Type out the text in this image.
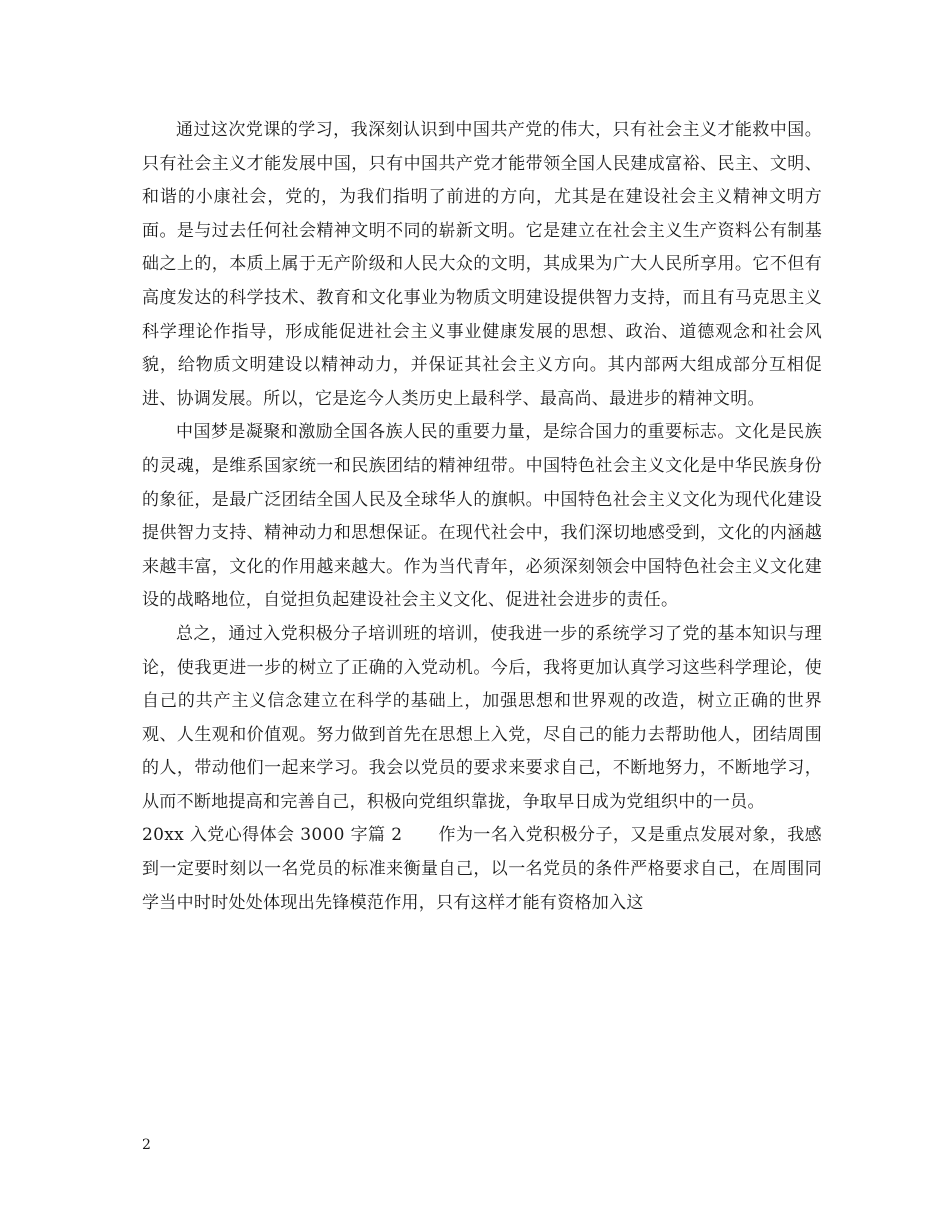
通过这次党课的学习，我深刻认识到中国共产党的伟大，只有社会主义才能救中国。只有社会主义才能发展中国，只有中国共产党才能带领全国人民建成富裕、民主、文明、和谐的小康社会，党的，为我们指明了前进的方向，尤其是在建设社会主义精神文明方面。是与过去任何社会精神文明不同的崭新文明。它是建立在社会主义生产资料公有制基础之上的，本质上属于无产阶级和人民大众的文明，其成果为广大人民所享用。它不但有高度发达的科学技术、教育和文化事业为物质文明建设提供智力支持，而且有马克思主义科学理论作指导，形成能促进社会主义事业健康发展的思想、政治、道德观念和社会风貌，给物质文明建设以精神动力，并保证其社会主义方向。其内部两大组成部分互相促进、协调发展。所以，它是迄今人类历史上最科学、最高尚、最进步的精神文明。

中国梦是凝聚和激励全国各族人民的重要力量，是综合国力的重要标志。文化是民族的灵魂，是维系国家统一和民族团结的精神纽带。中国特色社会主义文化是中华民族身份的象征，是最广泛团结全国人民及全球华人的旗帜。中国特色社会主义文化为现代化建设提供智力支持、精神动力和思想保证。在现代社会中，我们深切地感受到，文化的内涵越来越丰富，文化的作用越来越大。作为当代青年，必须深刻领会中国特色社会主义文化建设的战略地位，自觉担负起建设社会主义文化、促进社会进步的责任。

总之，通过入党积极分子培训班的培训，使我进一步的系统学习了党的基本知识与理论，使我更进一步的树立了正确的入党动机。今后，我将更加认真学习这些科学理论，使自己的共产主义信念建立在科学的基础上，加强思想和世界观的改造，树立正确的世界观、人生观和价值观。努力做到首先在思想上入党，尽自己的能力去帮助他人，团结周围的人，带动他们一起来学习。我会以党员的要求来要求自己，不断地努力，不断地学习，从而不断地提高和完善自己，积极向党组织靠拢，争取早日成为党组织中的一员。

20xx 入党心得体会 3000 字篇 2 作为一名入党积极分子，又是重点发展对象，我感到一定要时刻以一名党员的标准来衡量自己，以一名党员的条件严格要求自己，在周围同学当中时时处处体现出先锋模范作用，只有这样才能有资格加入这

2
